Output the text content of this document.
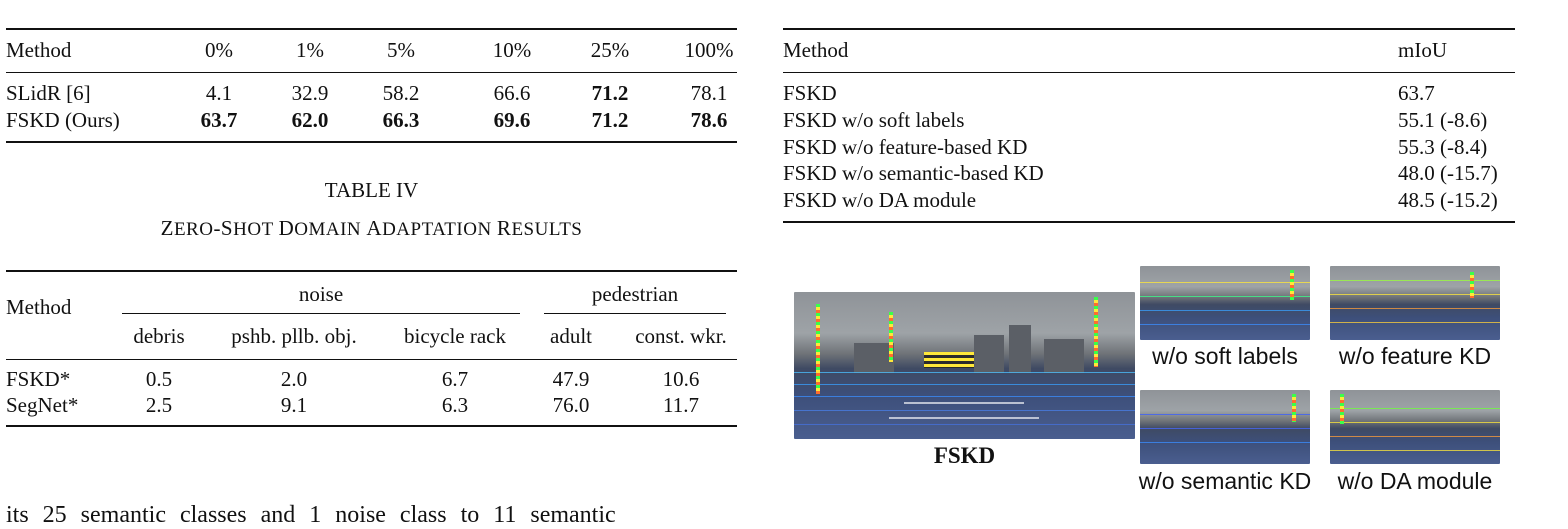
Method	0%	1%	5%	10%	25%	100%
SLidR [6]	4.1	32.9	58.2	66.6	71.2	78.1
FSKD (Ours)	63.7	62.0	66.3	69.6	71.2	78.6
TABLE IV
ZERO-SHOT DOMAIN ADAPTATION RESULTS
Method
noise	pedestrian
debris	pshb. pllb. obj.	bicycle rack	adult	const. wkr.
FSKD*	0.5	2.0	6.7	47.9	10.6
SegNet*	2.5	9.1	6.3	76.0	11.7
Method	mIoU
FSKD	63.7
FSKD w/o soft labels	55.1 (-8.6)
FSKD w/o feature-based KD	55.3 (-8.4)
FSKD w/o semantic-based KD	48.0 (-15.7)
FSKD w/o DA module	48.5 (-15.2)
FSKD
w/o soft labels	w/o feature KD
w/o semantic KD	w/o DA module
its 25 semantic classes and 1 noise class to 11 semantic
